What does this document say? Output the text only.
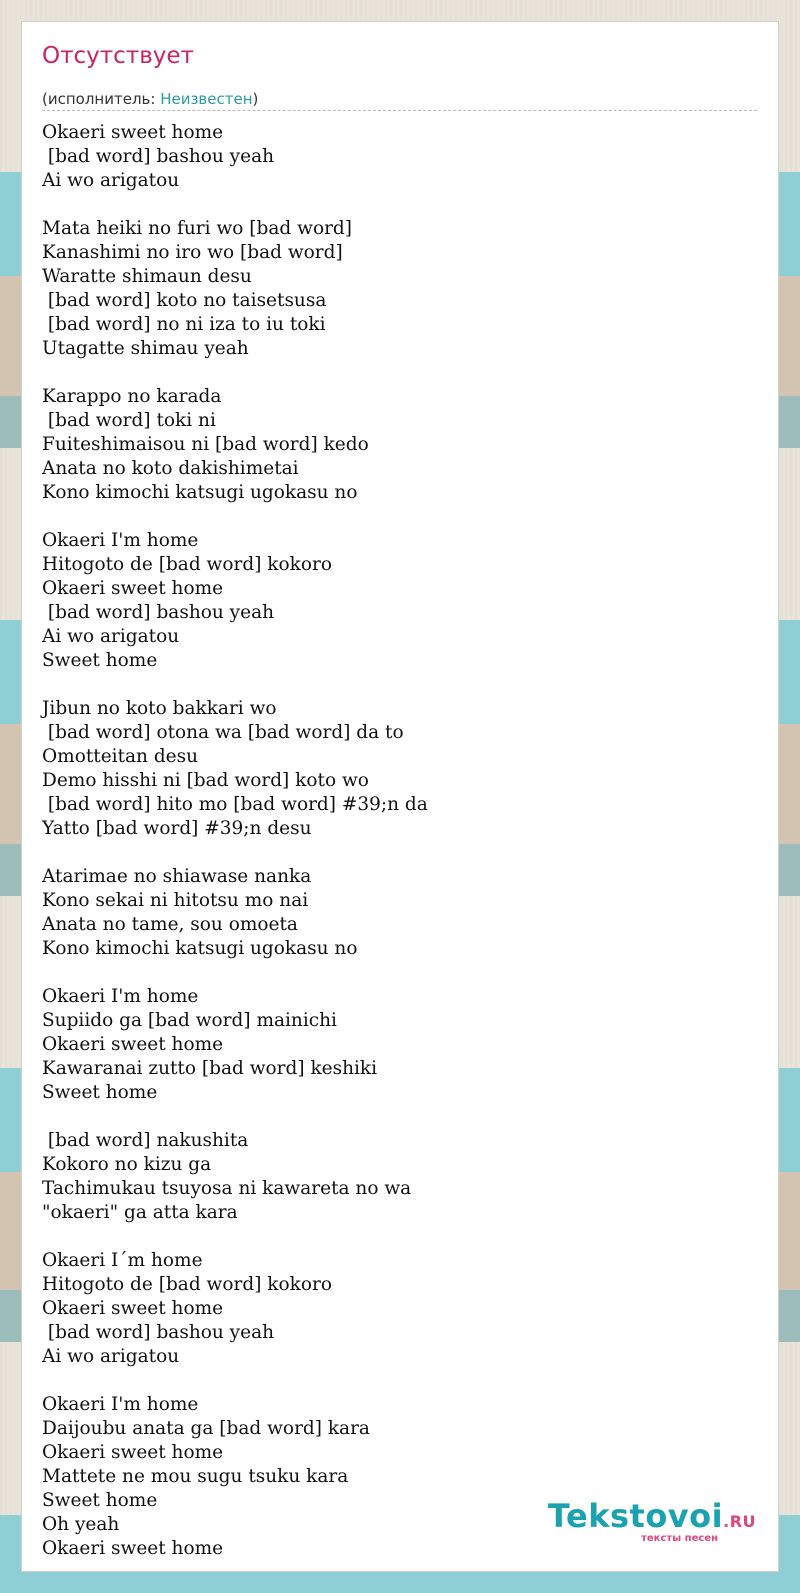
Отсутствует
(исполнитель: Неизвестен)
Okaeri sweet home
[bad word] bashou yeah
Ai wo arigatou
Mata heiki no furi wo [bad word]
Kanashimi no iro wo [bad word]
Waratte shimaun desu
[bad word] koto no taisetsusa
[bad word] no ni iza to iu toki
Utagatte shimau yeah
Karappo no karada
[bad word] toki ni
Fuiteshimaisou ni [bad word] kedo
Anata no koto dakishimetai
Kono kimochi katsugi ugokasu no
Okaeri I'm home
Hitogoto de [bad word] kokoro
Okaeri sweet home
[bad word] bashou yeah
Ai wo arigatou
Sweet home
Jibun no koto bakkari wo
[bad word] otona wa [bad word] da to
Omotteitan desu
Demo hisshi ni [bad word] koto wo
[bad word] hito mo [bad word] #39;n da
Yatto [bad word] #39;n desu
Atarimae no shiawase nanka
Kono sekai ni hitotsu mo nai
Anata no tame, sou omoeta
Kono kimochi katsugi ugokasu no
Okaeri I'm home
Supiido ga [bad word] mainichi
Okaeri sweet home
Kawaranai zutto [bad word] keshiki
Sweet home
[bad word] nakushita
Kokoro no kizu ga
Tachimukau tsuyosa ni kawareta no wa
"okaeri" ga atta kara
Okaeri I´m home
Hitogoto de [bad word] kokoro
Okaeri sweet home
[bad word] bashou yeah
Ai wo arigatou
Okaeri I'm home
Daijoubu anata ga [bad word] kara
Okaeri sweet home
Mattete ne mou sugu tsuku kara
Sweet home
Oh yeah
Okaeri sweet home
Tekstovoi.RU
тексты песен
